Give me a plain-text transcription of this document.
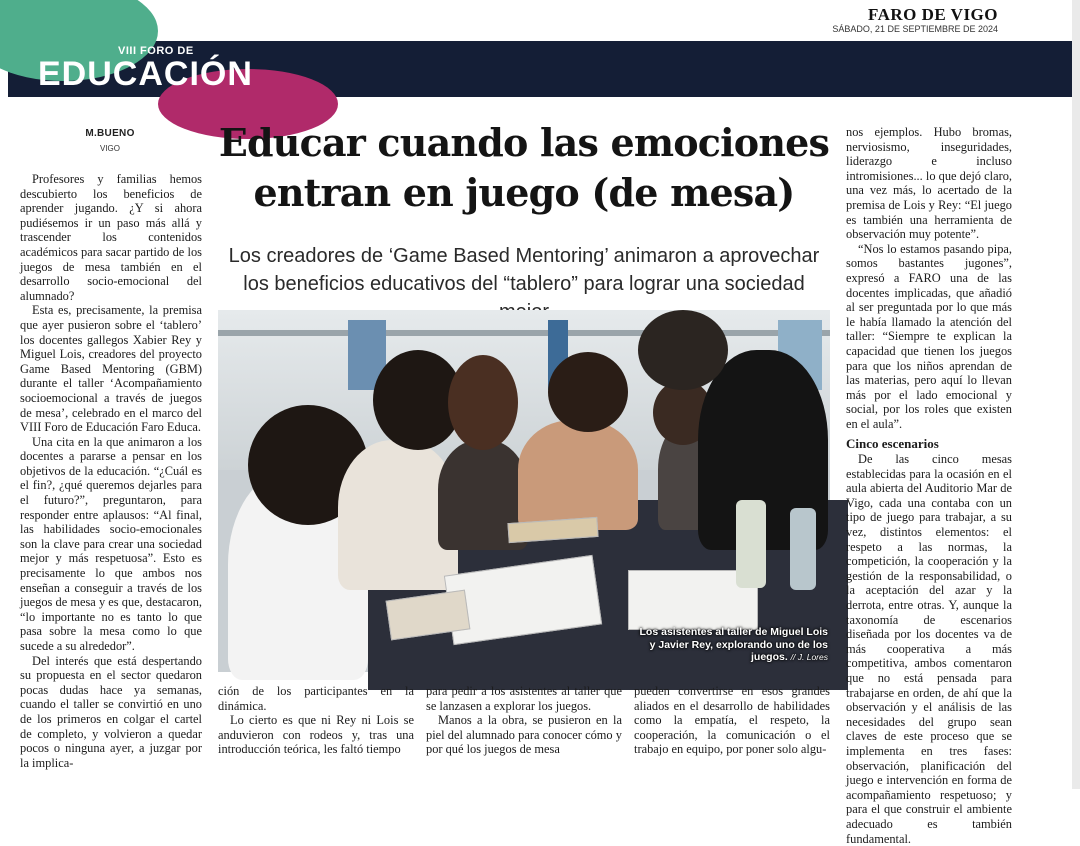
FARO DE VIGO
SÁBADO, 21 DE SEPTIEMBRE DE 2024
VIII FORO DE
EDUCACIÓN
M.BUENO
VIGO

Profesores y familias hemos descubierto los beneficios de aprender jugando. ¿Y si ahora pudiésemos ir un paso más allá y trascender los contenidos académicos para sacar partido de los juegos de mesa también en el desarrollo socio-emocional del alumnado?

Esta es, precisamente, la premisa que ayer pusieron sobre el ‘tablero’ los docentes gallegos Xabier Rey y Miguel Lois, creadores del proyecto Game Based Mentoring (GBM) durante el taller ‘Acompañamiento socioemocional a través de juegos de mesa’, celebrado en el marco del VIII Foro de Educación Faro Educa.

Una cita en la que animaron a los docentes a pararse a pensar en los objetivos de la educación. “¿Cuál es el fin?, ¿qué queremos dejarles para el futuro?”, preguntaron, para responder entre aplausos: “Al final, las habilidades socio-emocionales son la clave para crear una sociedad mejor y más respetuosa”. Esto es precisamente lo que ambos nos enseñan a conseguir a través de los juegos de mesa y es que, destacaron, “lo importante no es tanto lo que pasa sobre la mesa como lo que sucede a su alrededor”.

Del interés que está despertando su propuesta en el sector quedaron pocas dudas hace ya semanas, cuando el taller se convirtió en uno de los primeros en colgar el cartel de completo, y volvieron a quedar pocos o ninguna ayer, a juzgar por la implica-

Educar cuando las emociones entran en juego (de mesa)
Los creadores de ‘Game Based Mentoring’ animaron a aprovechar los beneficios educativos del “tablero” para lograr una sociedad
Los asistentes al taller de Miguel Lois y Javier Rey, explorando uno de los juegos. // J. Lores

ción de los participantes en la dinámica.

Lo cierto es que ni Rey ni Lois se anduvieron con rodeos y, tras una introducción teórica, les faltó tiempo

para pedir a los asistentes al taller que se lanzasen a explorar los juegos.

Manos a la obra, se pusieron en la piel del alumnado para conocer cómo y por qué los juegos de mesa

pueden convertirse en esos grandes aliados en el desarrollo de habilidades como la empatía, el respeto, la cooperación, la comunicación o el trabajo en equipo, por poner solo algu-

nos ejemplos. Hubo bromas, nerviosismo, inseguridades, liderazgo e incluso intromisiones... lo que dejó claro, una vez más, lo acertado de la premisa de Lois y Rey: “El juego es también una herramienta de observación muy potente”.

“Nos lo estamos pasando pipa, somos bastantes jugones”, expresó a FARO una de las docentes implicadas, que añadió al ser preguntada por lo que más le había llamado la atención del taller: “Siempre te explican la capacidad que tienen los juegos para que los niños aprendan de las materias, pero aquí lo llevan más por el lado emocional y social, por los roles que existen en el aula”.

Cinco escenarios

De las cinco mesas establecidas para la ocasión en el aula abierta del Auditorio Mar de Vigo, cada una contaba con un tipo de juego para trabajar, a su vez, distintos elementos: el respeto a las normas, la competición, la cooperación y la gestión de la responsabilidad, o la aceptación del azar y la derrota, entre otras. Y, aunque la taxonomía de escenarios diseñada por los docentes va de más cooperativa a más competitiva, ambos comentaron que no está pensada para trabajarse en orden, de ahí que la observación y el análisis de las necesidades del grupo sean claves de este proceso que se implementa en tres fases: observación, planificación del juego e intervención en forma de acompañamiento respetuoso; y para el que construir el ambiente adecuado es también fundamental.
